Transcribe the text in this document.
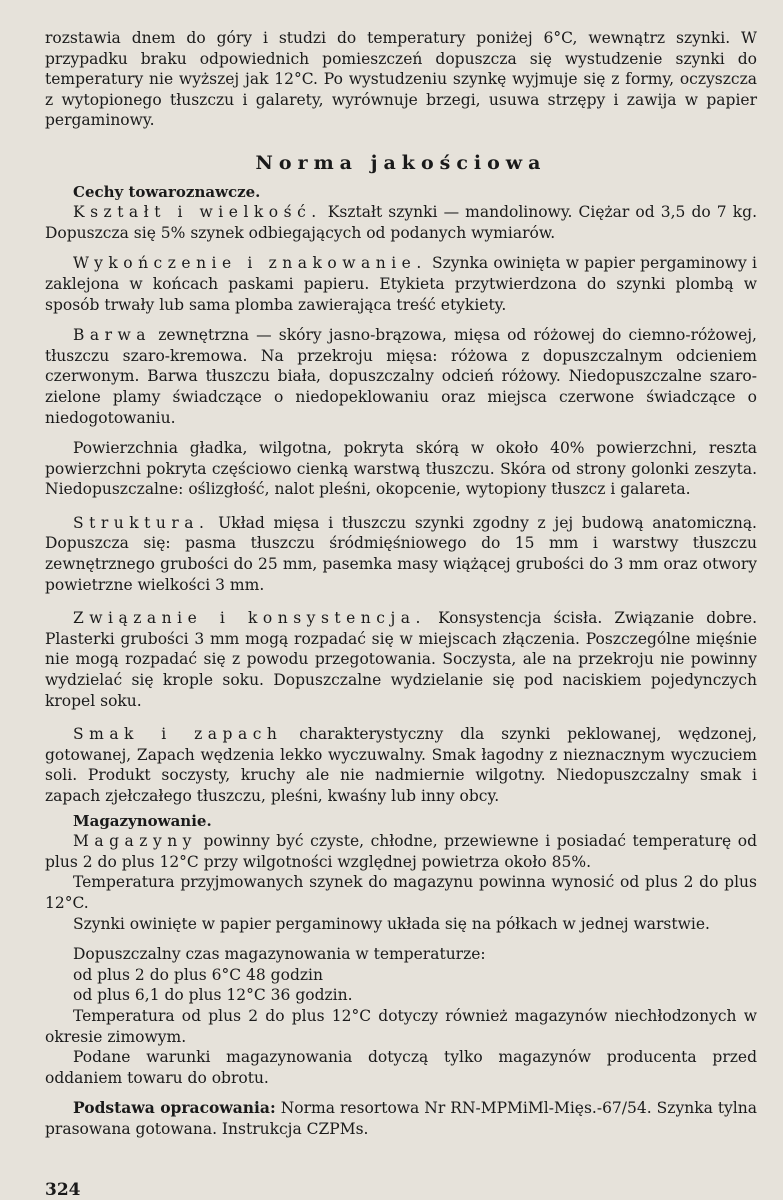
rozstawia dnem do góry i studzi do temperatury poniżej 6°C, wewnątrz szynki. W przypadku braku odpowiednich pomieszczeń dopuszcza się wystudzenie szynki do temperatury nie wyższej jak 12°C. Po wystudzeniu szynkę wyjmuje się z formy, oczyszcza z wytopionego tłuszczu i galarety, wyrównuje brzegi, usuwa strzępy i zawija w papier pergaminowy.

Norma jakościowa

Cechy towaroznawcze.

Kształt i wielkość. Kształt szynki — mandolinowy. Ciężar od 3,5 do 7 kg. Dopuszcza się 5% szynek odbiegających od podanych wymiarów.

Wykończenie i znakowanie. Szynka owinięta w papier pergaminowy i zaklejona w końcach paskami papieru. Etykieta przytwierdzona do szynki plombą w sposób trwały lub sama plomba zawierająca treść etykiety.

Barwa zewnętrzna — skóry jasno-brązowa, mięsa od różowej do ciemno-różowej, tłuszczu szaro-kremowa. Na przekroju mięsa: różowa z dopuszczalnym odcieniem czerwonym. Barwa tłuszczu biała, dopuszczalny odcień różowy. Niedopuszczalne szaro-zielone plamy świadczące o niedopeklowaniu oraz miejsca czerwone świadczące o niedogotowaniu.

Powierzchnia gładka, wilgotna, pokryta skórą w około 40% powierzchni, reszta powierzchni pokryta częściowo cienką warstwą tłuszczu. Skóra od strony golonki zeszyta. Niedopuszczalne: oślizgłość, nalot pleśni, okopcenie, wytopiony tłuszcz i galareta.

Struktura. Układ mięsa i tłuszczu szynki zgodny z jej budową anatomiczną. Dopuszcza się: pasma tłuszczu śródmięśniowego do 15 mm i warstwy tłuszczu zewnętrznego grubości do 25 mm, pasemka masy wiążącej grubości do 3 mm oraz otwory powietrzne wielkości 3 mm.

Związanie i konsystencja. Konsystencja ścisła. Związanie dobre. Plasterki grubości 3 mm mogą rozpadać się w miejscach złączenia. Poszczególne mięśnie nie mogą rozpadać się z powodu przegotowania. Soczysta, ale na przekroju nie powinny wydzielać się krople soku. Dopuszczalne wydzielanie się pod naciskiem pojedynczych kropel soku.

Smak i zapach charakterystyczny dla szynki peklowanej, wędzonej, gotowanej, Zapach wędzenia lekko wyczuwalny. Smak łagodny z nieznacznym wyczuciem soli. Produkt soczysty, kruchy ale nie nadmiernie wilgotny. Niedopuszczalny smak i zapach zjełczałego tłuszczu, pleśni, kwaśny lub inny obcy.

Magazynowanie.

Magazyny powinny być czyste, chłodne, przewiewne i posiadać temperaturę od plus 2 do plus 12°C przy wilgotności względnej powietrza około 85%.

Temperatura przyjmowanych szynek do magazynu powinna wynosić od plus 2 do plus 12°C.

Szynki owinięte w papier pergaminowy układa się na półkach w jednej warstwie.

Dopuszczalny czas magazynowania w temperaturze:

od plus 2 do plus 6°C 48 godzin

od plus 6,1 do plus 12°C 36 godzin.

Temperatura od plus 2 do plus 12°C dotyczy również magazynów niechłodzonych w okresie zimowym.

Podane warunki magazynowania dotyczą tylko magazynów producenta przed oddaniem towaru do obrotu.

Podstawa opracowania: Norma resortowa Nr RN-MPMiMl-Mięs.-67/54. Szynka tylna prasowana gotowana. Instrukcja CZPMs.

324
